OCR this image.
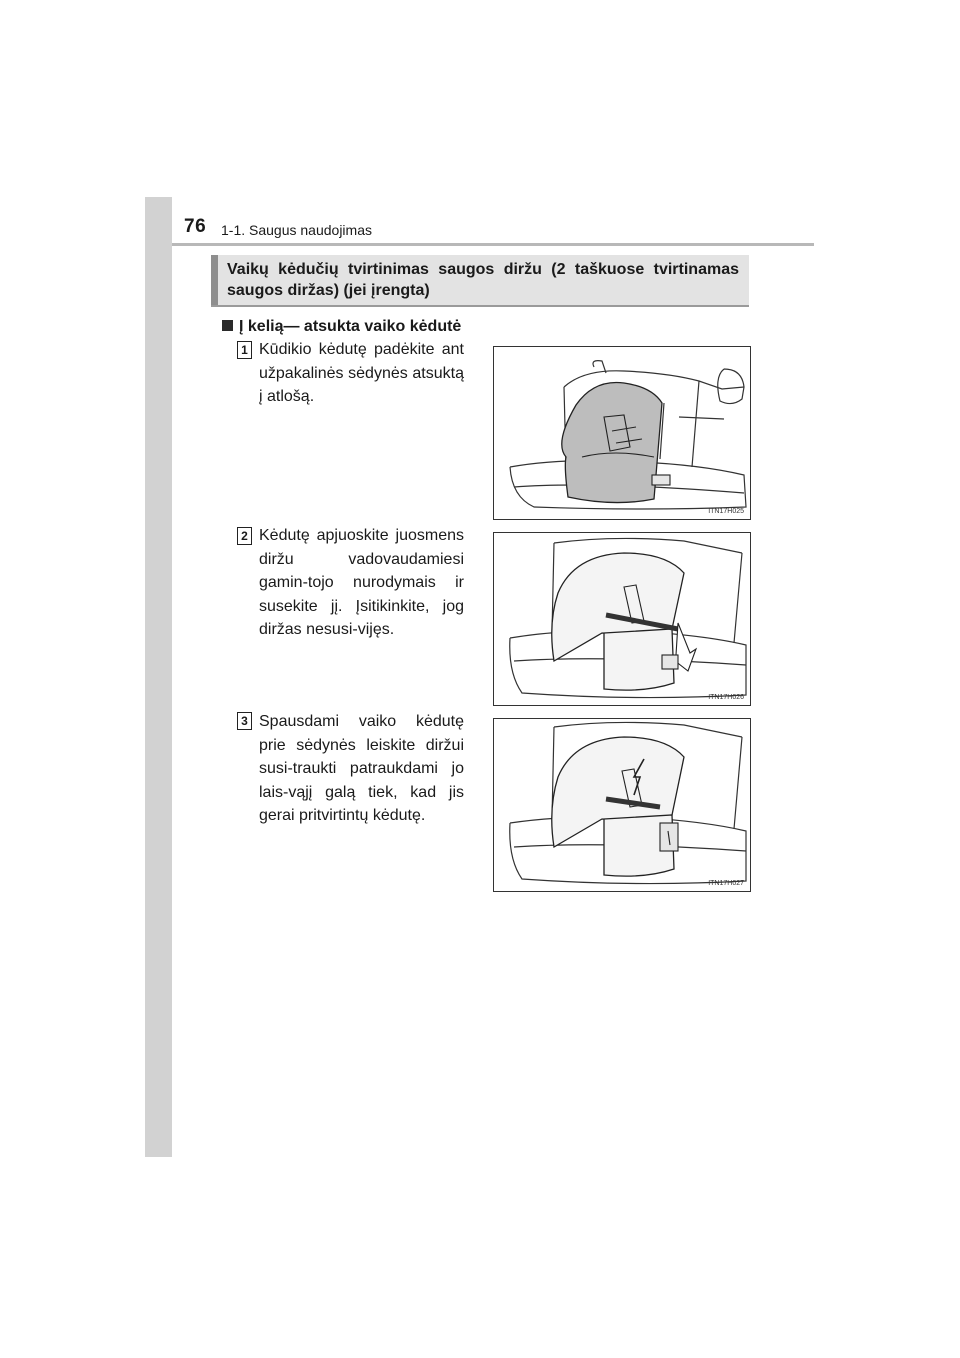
76 1-1. Saugus naudojimas
Vaikų kėdučių tvirtinimas saugos diržu (2 taškuose tvirtinamas saugos diržas) (jei įrengta)
Į kelią— atsukta vaiko kėdutė
1 Kūdikio kėdutę padėkite ant užpakalinės sėdynės atsuktą į atlošą.
ITN17H025
2 Kėdutę apjuoskite juosmens diržu vadovaudamiesi gamin-tojo nurodymais ir susekite jį. Įsitikinkite, jog diržas nesusi-vijęs.
ITN17H026
3 Spausdami vaiko kėdutę prie sėdynės leiskite diržui susi-traukti patraukdami jo lais-vąjį galą tiek, kad jis gerai pritvirtintų kėdutę.
ITN17H027
